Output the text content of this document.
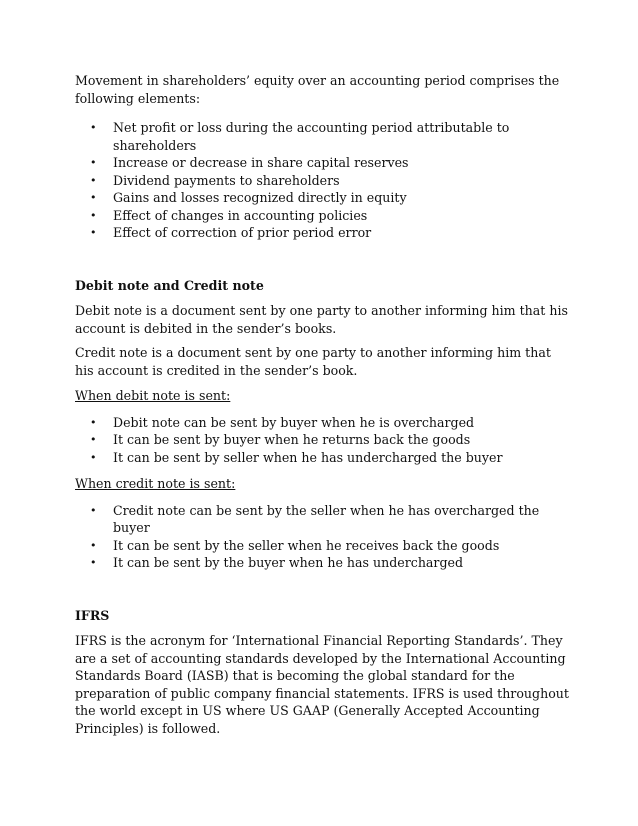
Movement in shareholders’ equity over an accounting period comprises the following elements:

• Net profit or loss during the accounting period attributable to shareholders
• Increase or decrease in share capital reserves
• Dividend payments to shareholders
• Gains and losses recognized directly in equity
• Effect of changes in accounting policies
• Effect of correction of prior period error

Debit note and Credit note

Debit note is a document sent by one party to another informing him that his account is debited in the sender’s books.

Credit note is a document sent by one party to another informing him that his account is credited in the sender’s book.

When debit note is sent:

• Debit note can be sent by buyer when he is overcharged
• It can be sent by buyer when he returns back the goods
• It can be sent by seller when he has undercharged the buyer

When credit note is sent:

• Credit note can be sent by the seller when he has overcharged the buyer
• It can be sent by the seller when he receives back the goods
• It can be sent by the buyer when he has undercharged

IFRS

IFRS is the acronym for ‘International Financial Reporting Standards’. They are a set of accounting standards developed by the International Accounting Standards Board (IASB) that is becoming the global standard for the preparation of public company financial statements. IFRS is used throughout the world except in US where US GAAP (Generally Accepted Accounting Principles) is followed.
